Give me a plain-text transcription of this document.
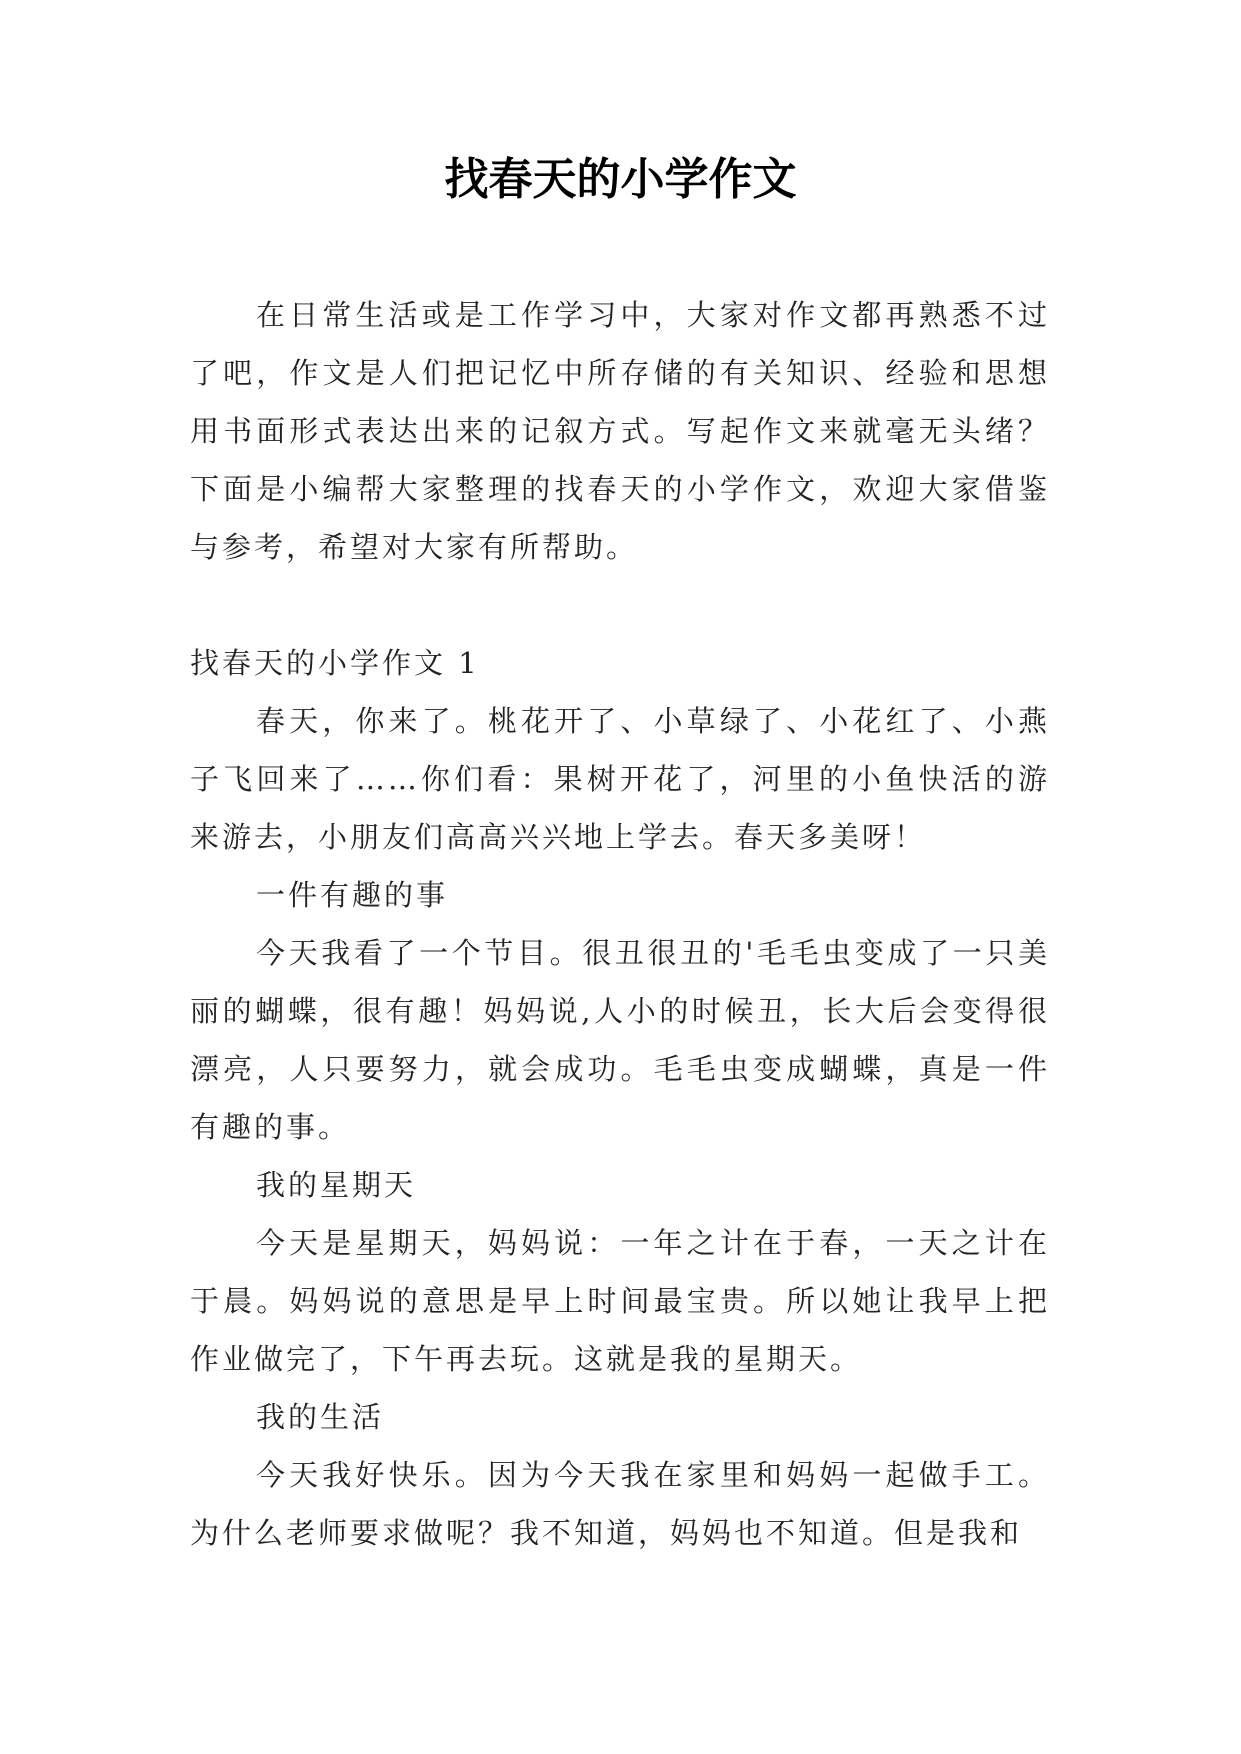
找春天的小学作文

在日常生活或是工作学习中，大家对作文都再熟悉不过了吧，作文是人们把记忆中所存储的有关知识、经验和思想用书面形式表达出来的记叙方式。写起作文来就毫无头绪？下面是小编帮大家整理的找春天的小学作文，欢迎大家借鉴与参考，希望对大家有所帮助。

找春天的小学作文 1

春天，你来了。桃花开了、小草绿了、小花红了、小燕子飞回来了……你们看：果树开花了，河里的小鱼快活的游来游去，小朋友们高高兴兴地上学去。春天多美呀！

一件有趣的事

今天我看了一个节目。很丑很丑的'毛毛虫变成了一只美丽的蝴蝶，很有趣！妈妈说,人小的时候丑，长大后会变得很漂亮，人只要努力，就会成功。毛毛虫变成蝴蝶，真是一件有趣的事。

我的星期天

今天是星期天，妈妈说：一年之计在于春，一天之计在于晨。妈妈说的意思是早上时间最宝贵。所以她让我早上把作业做完了，下午再去玩。这就是我的星期天。

我的生活

今天我好快乐。因为今天我在家里和妈妈一起做手工。为什么老师要求做呢？我不知道，妈妈也不知道。但是我和
